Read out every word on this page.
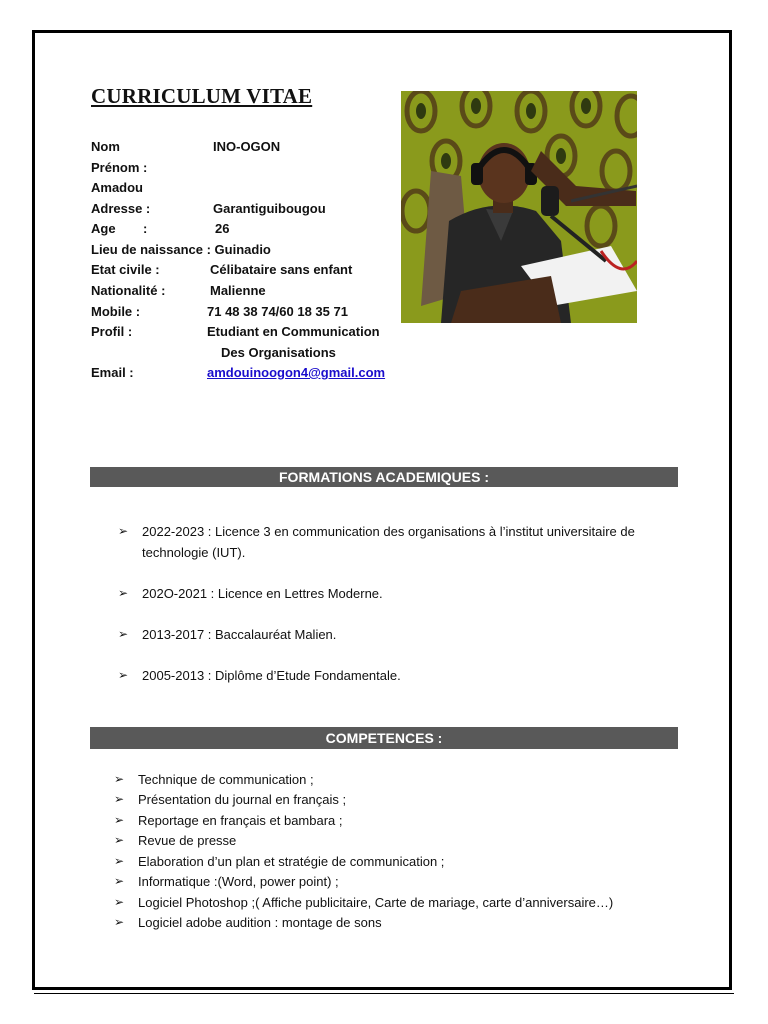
CURRICULUM VITAE
Nom	INO-OGON
Prénom :
Amadou
Adresse :	Garantiguibougou
Age :	26
Lieu de naissance : Guinadio
Etat civile :	Célibataire sans enfant
Nationalité :	Malienne
Mobile :	71 48 38 74/60 18 35 71
Profil :	Etudiant en Communication
Des Organisations
Email :	amdouinoogon4@gmail.com
FORMATIONS ACADEMIQUES :
➢ 2022-2023 : Licence 3 en communication des organisations à l’institut universitaire de
technologie (IUT).
➢ 202O-2021 : Licence en Lettres Moderne.
➢ 2013-2017 : Baccalauréat Malien.
➢ 2005-2013 : Diplôme d’Etude Fondamentale.
COMPETENCES :
➢ Technique de communication ;
➢ Présentation du journal en français ;
➢ Reportage en français et bambara ;
➢ Revue de presse
➢ Elaboration d’un plan et stratégie de communication ;
➢ Informatique :(Word, power point) ;
➢ Logiciel Photoshop ;( Affiche publicitaire, Carte de mariage, carte d’anniversaire…)
➢ Logiciel adobe audition : montage de sons
